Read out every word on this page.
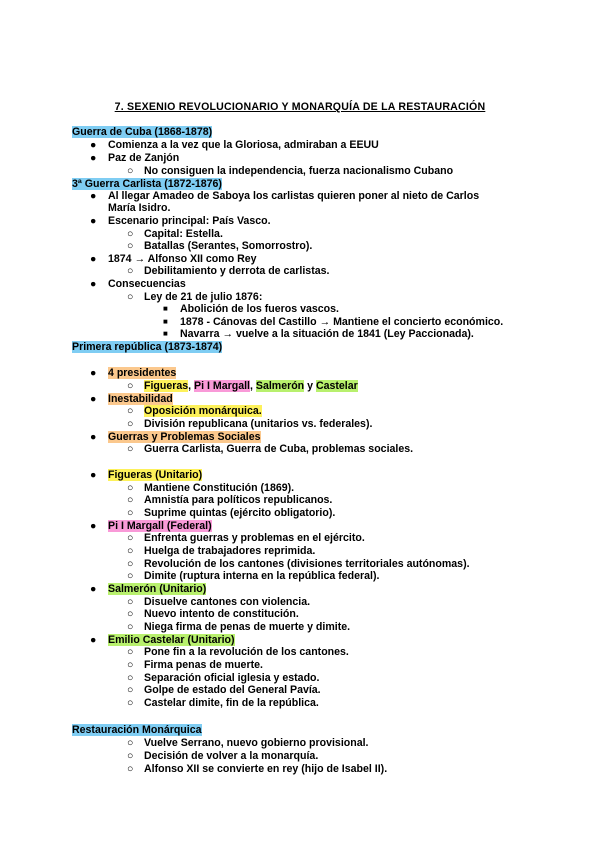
7. SEXENIO REVOLUCIONARIO Y MONARQUÍA DE LA RESTAURACIÓN
Guerra de Cuba (1868-1878)
● Comienza a la vez que la Gloriosa, admiraban a EEUU
● Paz de Zanjón
○ No consiguen la independencia, fuerza nacionalismo Cubano
3ª Guerra Carlista (1872-1876)
● Al llegar Amadeo de Saboya los carlistas quieren poner al nieto de Carlos
María Isidro.
● Escenario principal: País Vasco.
○ Capital: Estella.
○ Batallas (Serantes, Somorrostro).
● 1874 → Alfonso XII como Rey
○ Debilitamiento y derrota de carlistas.
● Consecuencias
○ Ley de 21 de julio 1876:
■ Abolición de los fueros vascos.
■ 1878 - Cánovas del Castillo → Mantiene el concierto económico.
■ Navarra → vuelve a la situación de 1841 (Ley Paccionada).
Primera república (1873-1874)
● 4 presidentes
○ Figueras, Pi I Margall, Salmerón y Castelar
● Inestabilidad
○ Oposición monárquica.
○ División republicana (unitarios vs. federales).
● Guerras y Problemas Sociales
○ Guerra Carlista, Guerra de Cuba, problemas sociales.
● Figueras (Unitario)
○ Mantiene Constitución (1869).
○ Amnistía para políticos republicanos.
○ Suprime quintas (ejército obligatorio).
● Pi I Margall (Federal)
○ Enfrenta guerras y problemas en el ejército.
○ Huelga de trabajadores reprimida.
○ Revolución de los cantones (divisiones territoriales autónomas).
○ Dimite (ruptura interna en la república federal).
● Salmerón (Unitario)
○ Disuelve cantones con violencia.
○ Nuevo intento de constitución.
○ Niega firma de penas de muerte y dimite.
● Emilio Castelar (Unitario)
○ Pone fin a la revolución de los cantones.
○ Firma penas de muerte.
○ Separación oficial iglesia y estado.
○ Golpe de estado del General Pavía.
○ Castelar dimite, fin de la república.
Restauración Monárquica
○ Vuelve Serrano, nuevo gobierno provisional.
○ Decisión de volver a la monarquía.
○ Alfonso XII se convierte en rey (hijo de Isabel II).
